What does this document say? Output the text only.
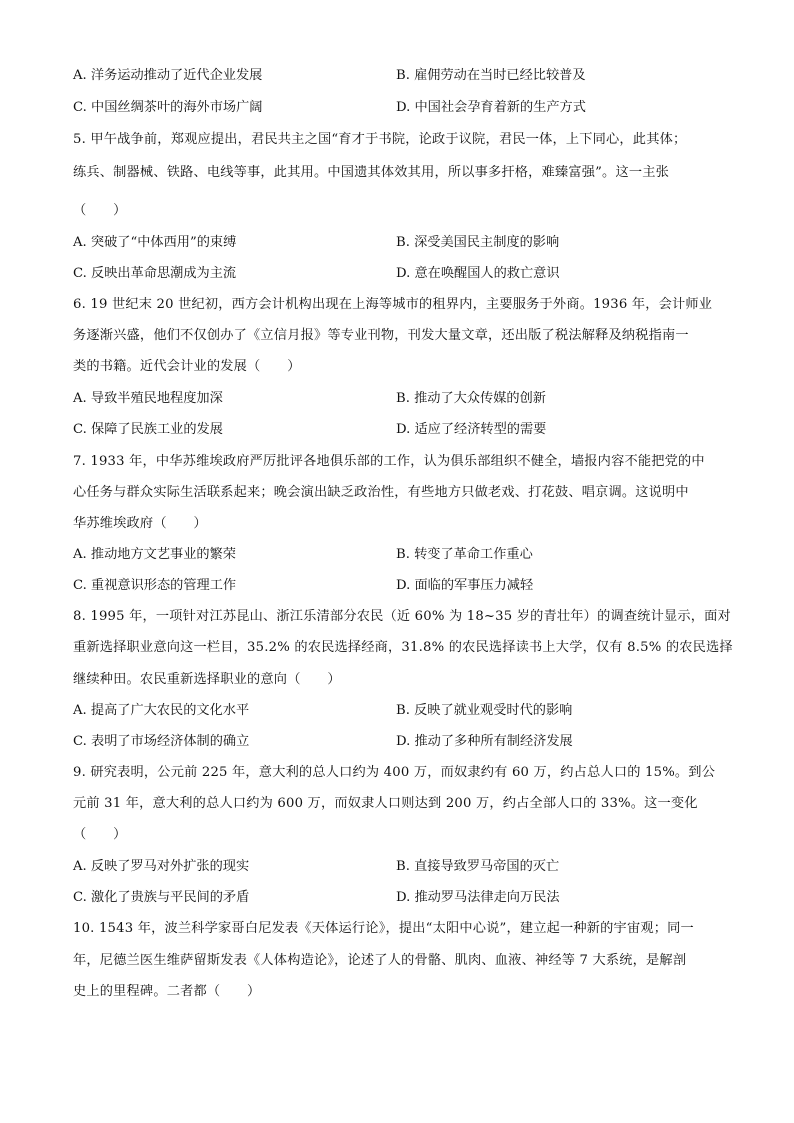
A. 洋务运动推动了近代企业发展	B. 雇佣劳动在当时已经比较普及
C. 中国丝绸茶叶的海外市场广阔	D. 中国社会孕育着新的生产方式
5. 甲午战争前，郑观应提出，君民共主之国“育才于书院，论政于议院，君民一体，上下同心，此其体；
练兵、制器械、铁路、电线等事，此其用。中国遗其体效其用，所以事多扞格，难臻富强”。这一主张
（　　）
A. 突破了“中体西用”的束缚	B. 深受美国民主制度的影响
C. 反映出革命思潮成为主流	D. 意在唤醒国人的救亡意识
6. 19 世纪末 20 世纪初，西方会计机构出现在上海等城市的租界内，主要服务于外商。1936 年，会计师业
务逐渐兴盛，他们不仅创办了《立信月报》等专业刊物，刊发大量文章，还出版了税法解释及纳税指南一
类的书籍。近代会计业的发展（　　）
A. 导致半殖民地程度加深	B. 推动了大众传媒的创新
C. 保障了民族工业的发展	D. 适应了经济转型的需要
7. 1933 年，中华苏维埃政府严厉批评各地俱乐部的工作，认为俱乐部组织不健全，墙报内容不能把党的中
心任务与群众实际生活联系起来；晚会演出缺乏政治性，有些地方只做老戏、打花鼓、唱京调。这说明中
华苏维埃政府（　　）
A. 推动地方文艺事业的繁荣	B. 转变了革命工作重心
C. 重视意识形态的管理工作	D. 面临的军事压力减轻
8. 1995 年，一项针对江苏昆山、浙江乐清部分农民（近 60% 为 18~35 岁的青壮年）的调查统计显示，面对
重新选择职业意向这一栏目，35.2% 的农民选择经商，31.8% 的农民选择读书上大学，仅有 8.5% 的农民选择
继续种田。农民重新选择职业的意向（　　）
A. 提高了广大农民的文化水平	B. 反映了就业观受时代的影响
C. 表明了市场经济体制的确立	D. 推动了多种所有制经济发展
9. 研究表明，公元前 225 年，意大利的总人口约为 400 万，而奴隶约有 60 万，约占总人口的 15%。到公
元前 31 年，意大利的总人口约为 600 万，而奴隶人口则达到 200 万，约占全部人口的 33%。这一变化
（　　）
A. 反映了罗马对外扩张的现实	B. 直接导致罗马帝国的灭亡
C. 激化了贵族与平民间的矛盾	D. 推动罗马法律走向万民法
10. 1543 年，波兰科学家哥白尼发表《天体运行论》，提出“太阳中心说”，建立起一种新的宇宙观；同一
年，尼德兰医生维萨留斯发表《人体构造论》，论述了人的骨骼、肌肉、血液、神经等 7 大系统，是解剖
史上的里程碑。二者都（　　）
